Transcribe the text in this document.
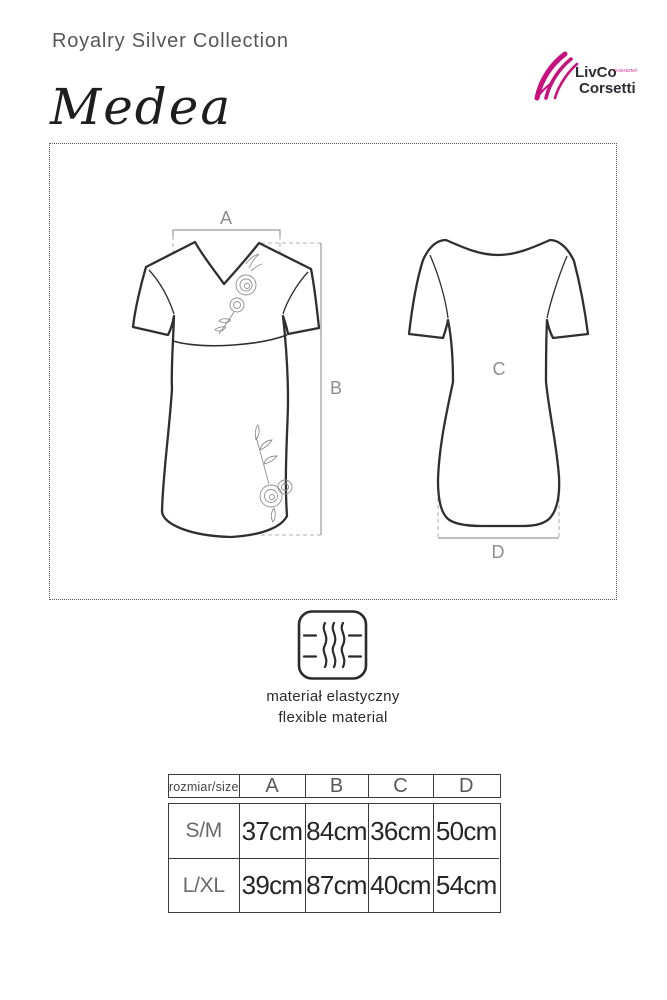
Royalry Silver Collection
LivCo
FASHION®
Corsetti
Medea
A
B
C
D
materiał elastyczny
flexible material
rozmiar/size	A	B	C	D
S/M 37cm 84cm 36cm 50cm
L/XL 39cm 87cm 40cm 54cm
